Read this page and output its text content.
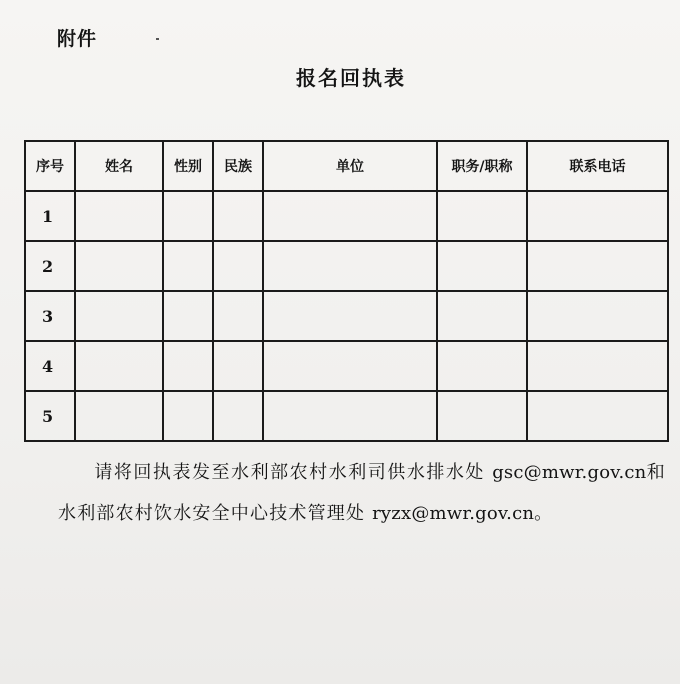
附件
报名回执表
序号	姓名	性别	民族	单位	职务/职称	联系电话
1						
2						
3						
4						
5						
请将回执表发至水利部农村水利司供水排水处 gsc@mwr.gov.cn和水利部农村饮水安全中心技术管理处 ryzx@mwr.gov.cn。
